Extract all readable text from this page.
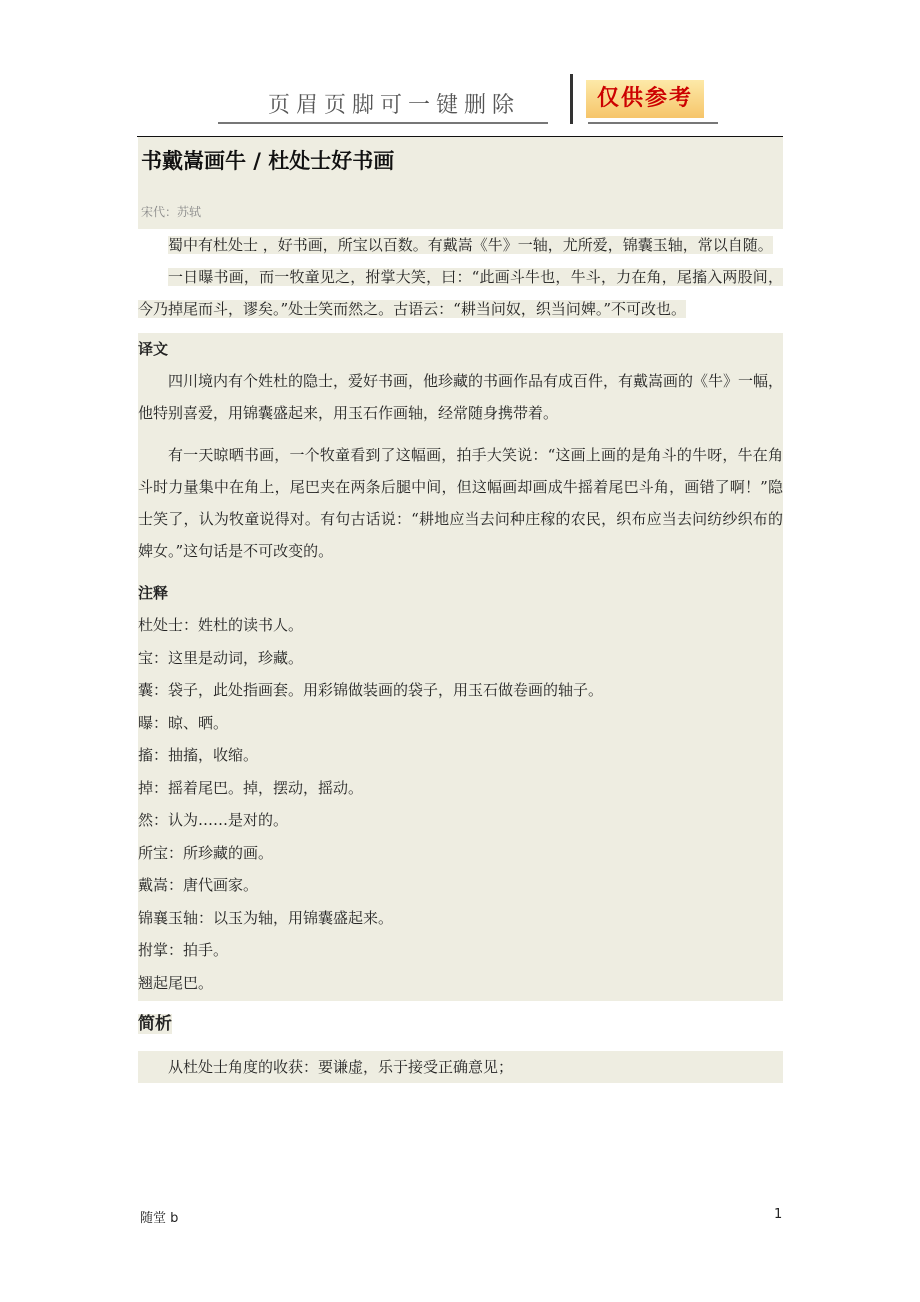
页眉页脚可一键删除	仅供参考
书戴嵩画牛 / 杜处士好书画
宋代：苏轼

蜀中有杜处士 ，好书画，所宝以百数。有戴嵩《牛》一轴，尤所爱，锦囊玉轴，常以自随。

一日曝书画，而一牧童见之，拊掌大笑，曰：“此画斗牛也，牛斗，力在角，尾搐入两股间，今乃掉尾而斗，谬矣。”处士笑而然之。古语云：“耕当问奴，织当问婢。”不可改也。

译文

四川境内有个姓杜的隐士，爱好书画，他珍藏的书画作品有成百件，有戴嵩画的《牛》一幅，他特别喜爱，用锦囊盛起来，用玉石作画轴，经常随身携带着。

有一天晾晒书画，一个牧童看到了这幅画，拍手大笑说：“这画上画的是角斗的牛呀，牛在角斗时力量集中在角上，尾巴夹在两条后腿中间，但这幅画却画成牛摇着尾巴斗角，画错了啊！”隐士笑了，认为牧童说得对。有句古话说：“耕地应当去问种庄稼的农民，织布应当去问纺纱织布的婢女。”这句话是不可改变的。

注释

杜处士：姓杜的读书人。

宝：这里是动词，珍藏。

囊：袋子，此处指画套。用彩锦做装画的袋子，用玉石做卷画的轴子。

曝：晾、晒。

搐：抽搐，收缩。

掉：摇着尾巴。掉，摆动，摇动。

然：认为……是对的。

所宝：所珍藏的画。

戴嵩：唐代画家。

锦襄玉轴：以玉为轴，用锦囊盛起来。

拊掌：拍手。

翘起尾巴。

简析

从杜处士角度的收获：要谦虚，乐于接受正确意见；

随堂 b	1
